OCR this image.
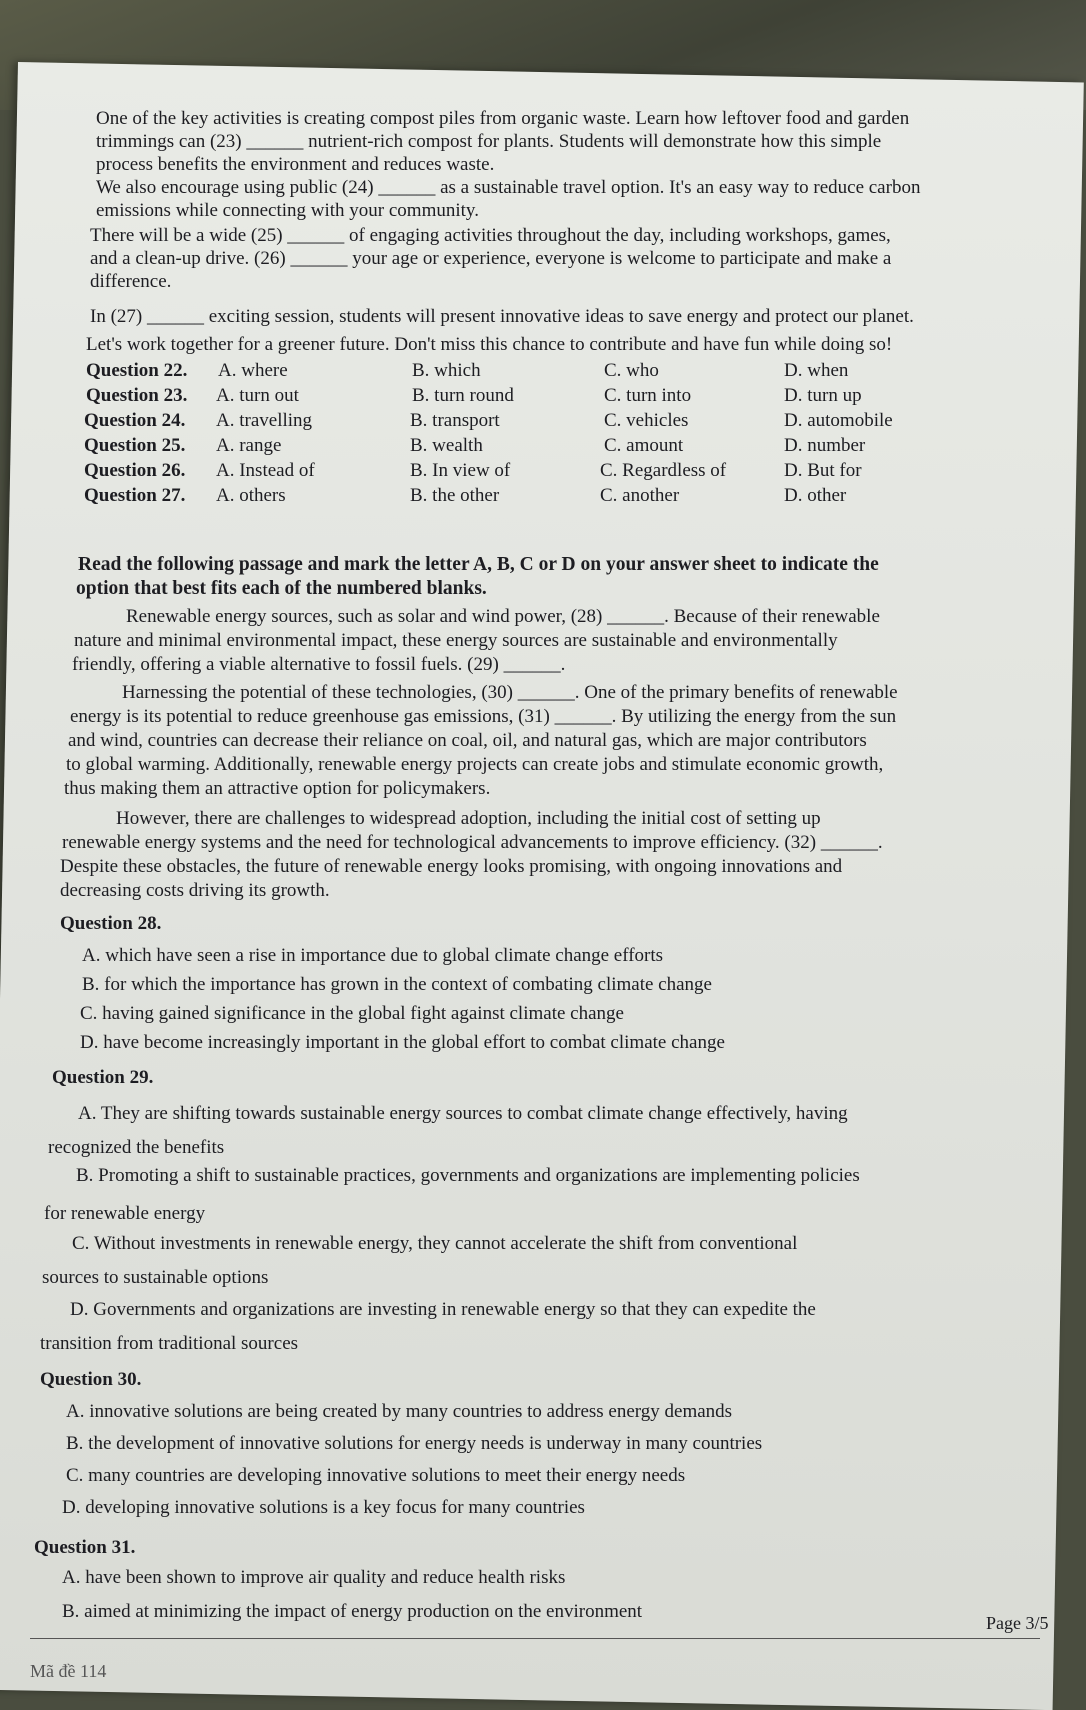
One of the key activities is creating compost piles from organic waste. Learn how leftover food and garden
trimmings can (23) ______ nutrient-rich compost for plants. Students will demonstrate how this simple
process benefits the environment and reduces waste.
We also encourage using public (24) ______ as a sustainable travel option. It's an easy way to reduce carbon
emissions while connecting with your community.
There will be a wide (25) ______ of engaging activities throughout the day, including workshops, games,
and a clean-up drive. (26) ______ your age or experience, everyone is welcome to participate and make a
difference.
In (27) ______ exciting session, students will present innovative ideas to save energy and protect our planet.
Let's work together for a greener future. Don't miss this chance to contribute and have fun while doing so!
Question 22. A. where	B. which	C. who	D. when
Question 23. A. turn out	B. turn round	C. turn into	D. turn up
Question 24. A. travelling	B. transport	C. vehicles	D. automobile
Question 25. A. range	B. wealth	C. amount	D. number
Question 26. A. Instead of	B. In view of	C. Regardless of	D. But for
Question 27. A. others	B. the other	C. another	D. other
Read the following passage and mark the letter A, B, C or D on your answer sheet to indicate the
option that best fits each of the numbered blanks.
Renewable energy sources, such as solar and wind power, (28) ______. Because of their renewable
nature and minimal environmental impact, these energy sources are sustainable and environmentally
friendly, offering a viable alternative to fossil fuels. (29) ______.
Harnessing the potential of these technologies, (30) ______. One of the primary benefits of renewable
energy is its potential to reduce greenhouse gas emissions, (31) ______. By utilizing the energy from the sun
and wind, countries can decrease their reliance on coal, oil, and natural gas, which are major contributors
to global warming. Additionally, renewable energy projects can create jobs and stimulate economic growth,
thus making them an attractive option for policymakers.
However, there are challenges to widespread adoption, including the initial cost of setting up
renewable energy systems and the need for technological advancements to improve efficiency. (32) ______.
Despite these obstacles, the future of renewable energy looks promising, with ongoing innovations and
decreasing costs driving its growth.
Question 28.
A. which have seen a rise in importance due to global climate change efforts
B. for which the importance has grown in the context of combating climate change
C. having gained significance in the global fight against climate change
D. have become increasingly important in the global effort to combat climate change
Question 29.
A. They are shifting towards sustainable energy sources to combat climate change effectively, having
recognized the benefits
B. Promoting a shift to sustainable practices, governments and organizations are implementing policies
for renewable energy
C. Without investments in renewable energy, they cannot accelerate the shift from conventional
sources to sustainable options
D. Governments and organizations are investing in renewable energy so that they can expedite the
transition from traditional sources
Question 30.
A. innovative solutions are being created by many countries to address energy demands
B. the development of innovative solutions for energy needs is underway in many countries
C. many countries are developing innovative solutions to meet their energy needs
D. developing innovative solutions is a key focus for many countries
Question 31.
A. have been shown to improve air quality and reduce health risks
B. aimed at minimizing the impact of energy production on the environment
Page 3/5
Mã đề 114
